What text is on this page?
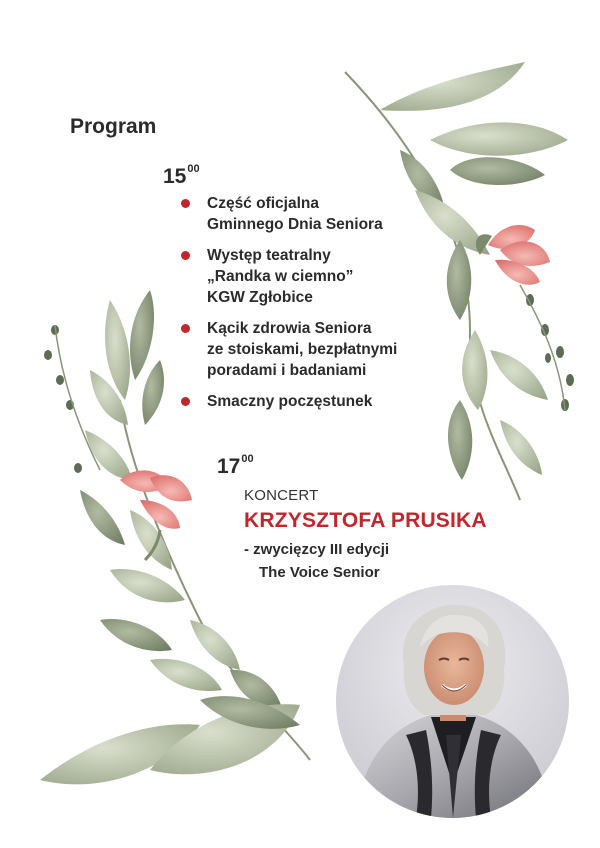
Program
$15^{00}$
Część oficjalna
Gminnego Dnia Seniora
Występ teatralny
„Randka w ciemno”
KGW Zgłobice
Kącik zdrowia Seniora
ze stoiskami, bezpłatnymi
poradami i badaniami
Smaczny poczęstunek
$17^{00}$
KONCERT
KRZYSZTOFA PRUSIKA
- zwycięzcy III edycji
The Voice Senior
